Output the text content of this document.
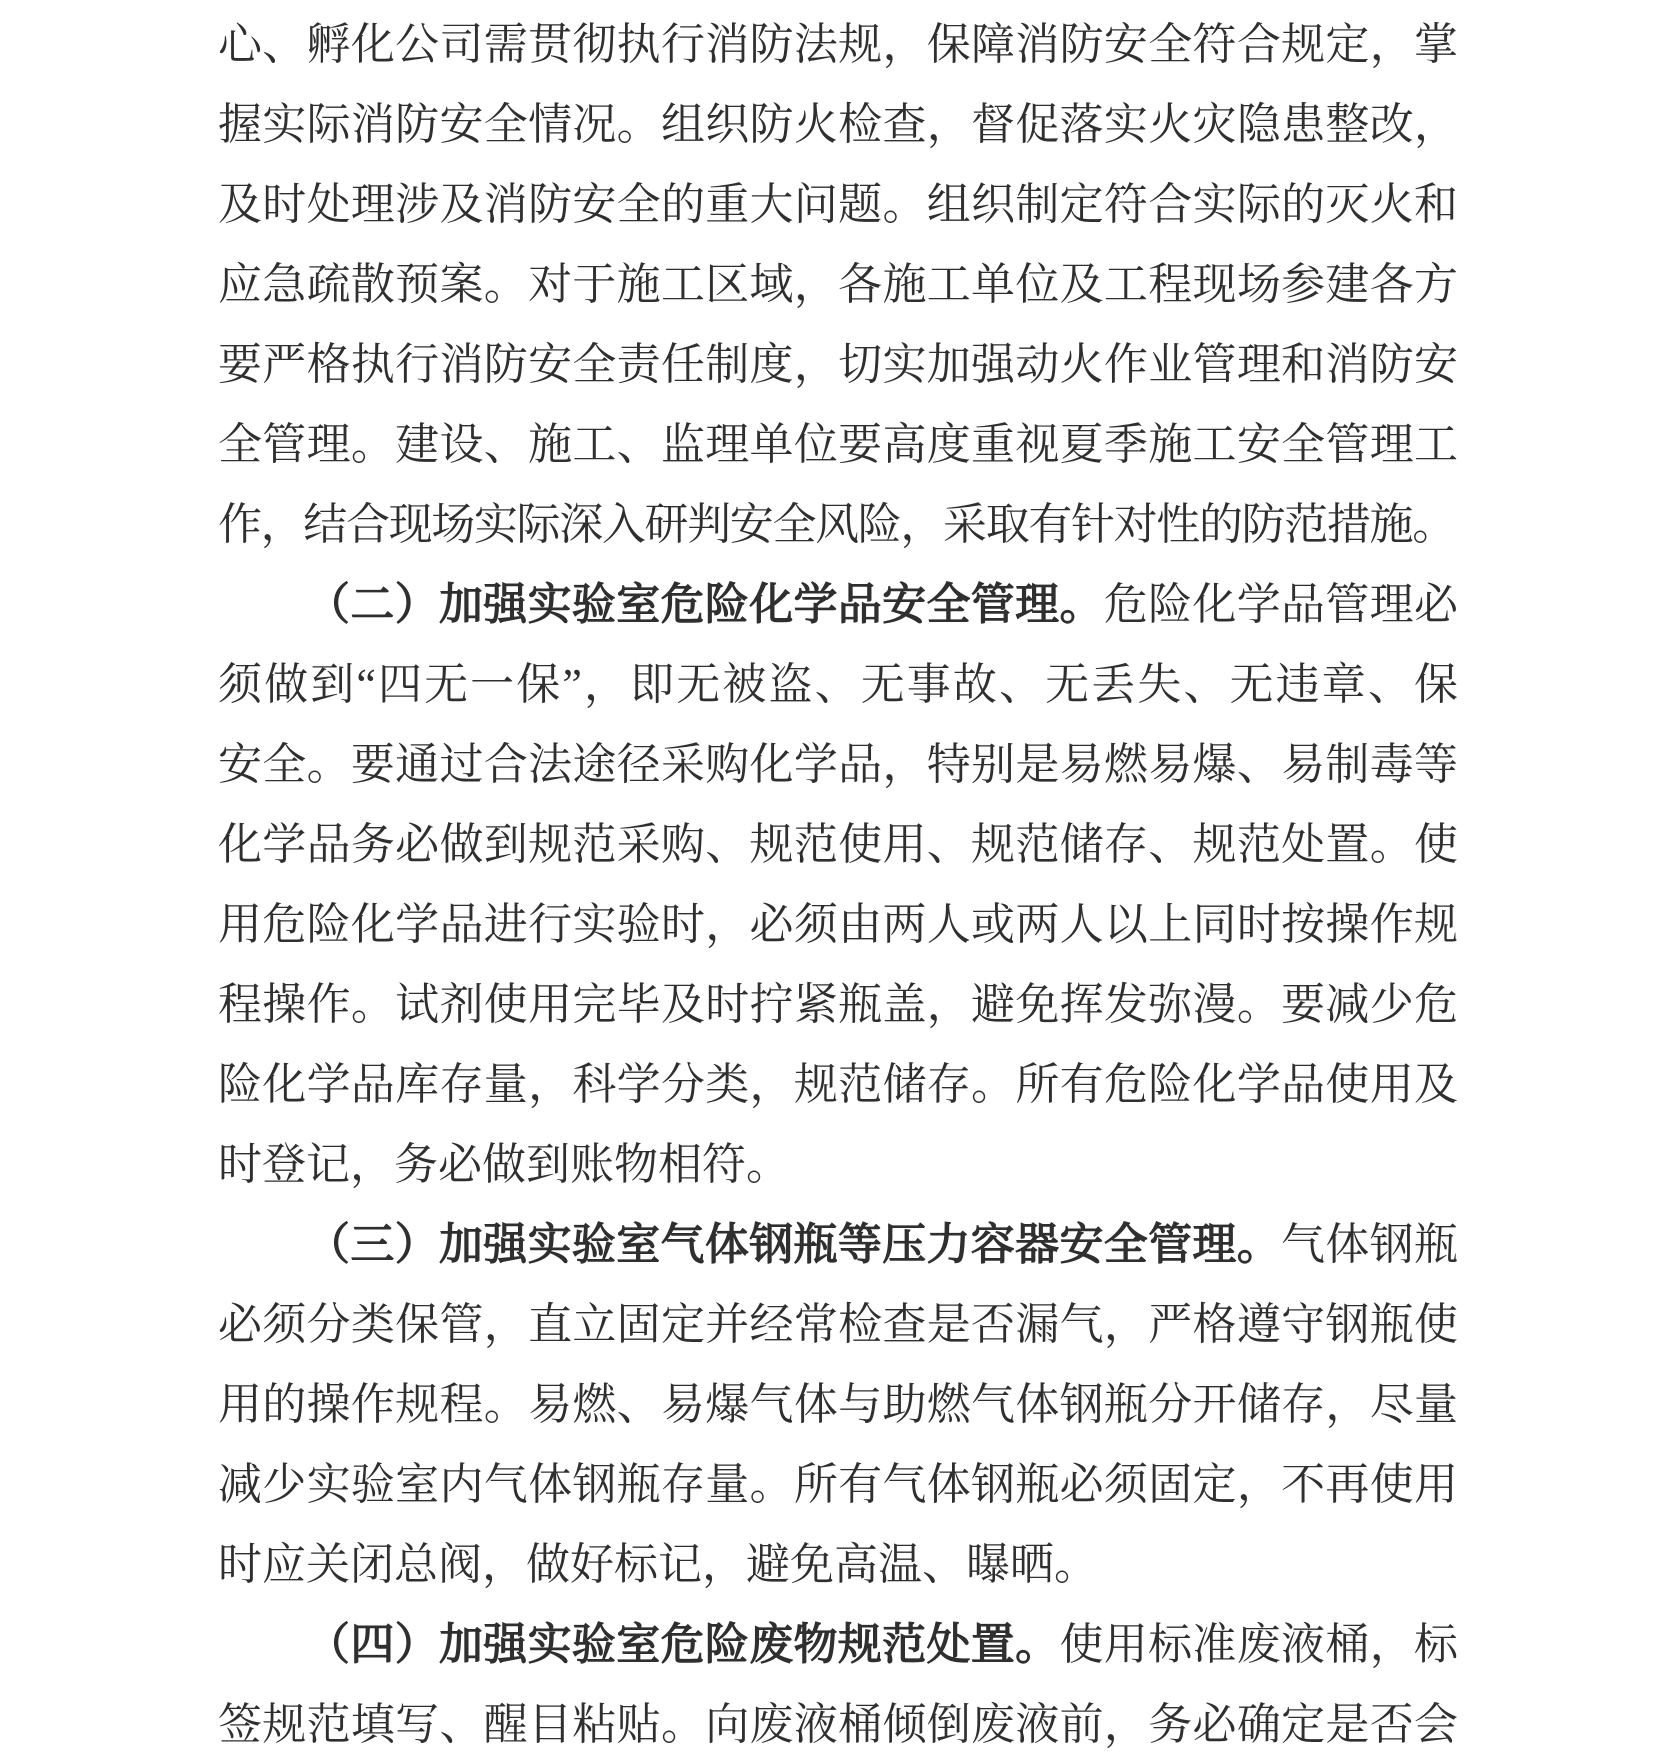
心、孵化公司需贯彻执行消防法规，保障消防安全符合规定，掌
握实际消防安全情况。组织防火检查，督促落实火灾隐患整改，
及时处理涉及消防安全的重大问题。组织制定符合实际的灭火和
应急疏散预案。对于施工区域，各施工单位及工程现场参建各方
要严格执行消防安全责任制度，切实加强动火作业管理和消防安
全管理。建设、施工、监理单位要高度重视夏季施工安全管理工
作，结合现场实际深入研判安全风险，采取有针对性的防范措施。
（二）加强实验室危险化学品安全管理。危险化学品管理必
须做到“四无一保”，即无被盗、无事故、无丢失、无违章、保
安全。要通过合法途径采购化学品，特别是易燃易爆、易制毒等
化学品务必做到规范采购、规范使用、规范储存、规范处置。使
用危险化学品进行实验时，必须由两人或两人以上同时按操作规
程操作。试剂使用完毕及时拧紧瓶盖，避免挥发弥漫。要减少危
险化学品库存量，科学分类，规范储存。所有危险化学品使用及
时登记，务必做到账物相符。
（三）加强实验室气体钢瓶等压力容器安全管理。气体钢瓶
必须分类保管，直立固定并经常检查是否漏气，严格遵守钢瓶使
用的操作规程。易燃、易爆气体与助燃气体钢瓶分开储存，尽量
减少实验室内气体钢瓶存量。所有气体钢瓶必须固定，不再使用
时应关闭总阀，做好标记，避免高温、曝晒。
（四）加强实验室危险废物规范处置。使用标准废液桶，标
签规范填写、醒目粘贴。向废液桶倾倒废液前，务必确定是否会
